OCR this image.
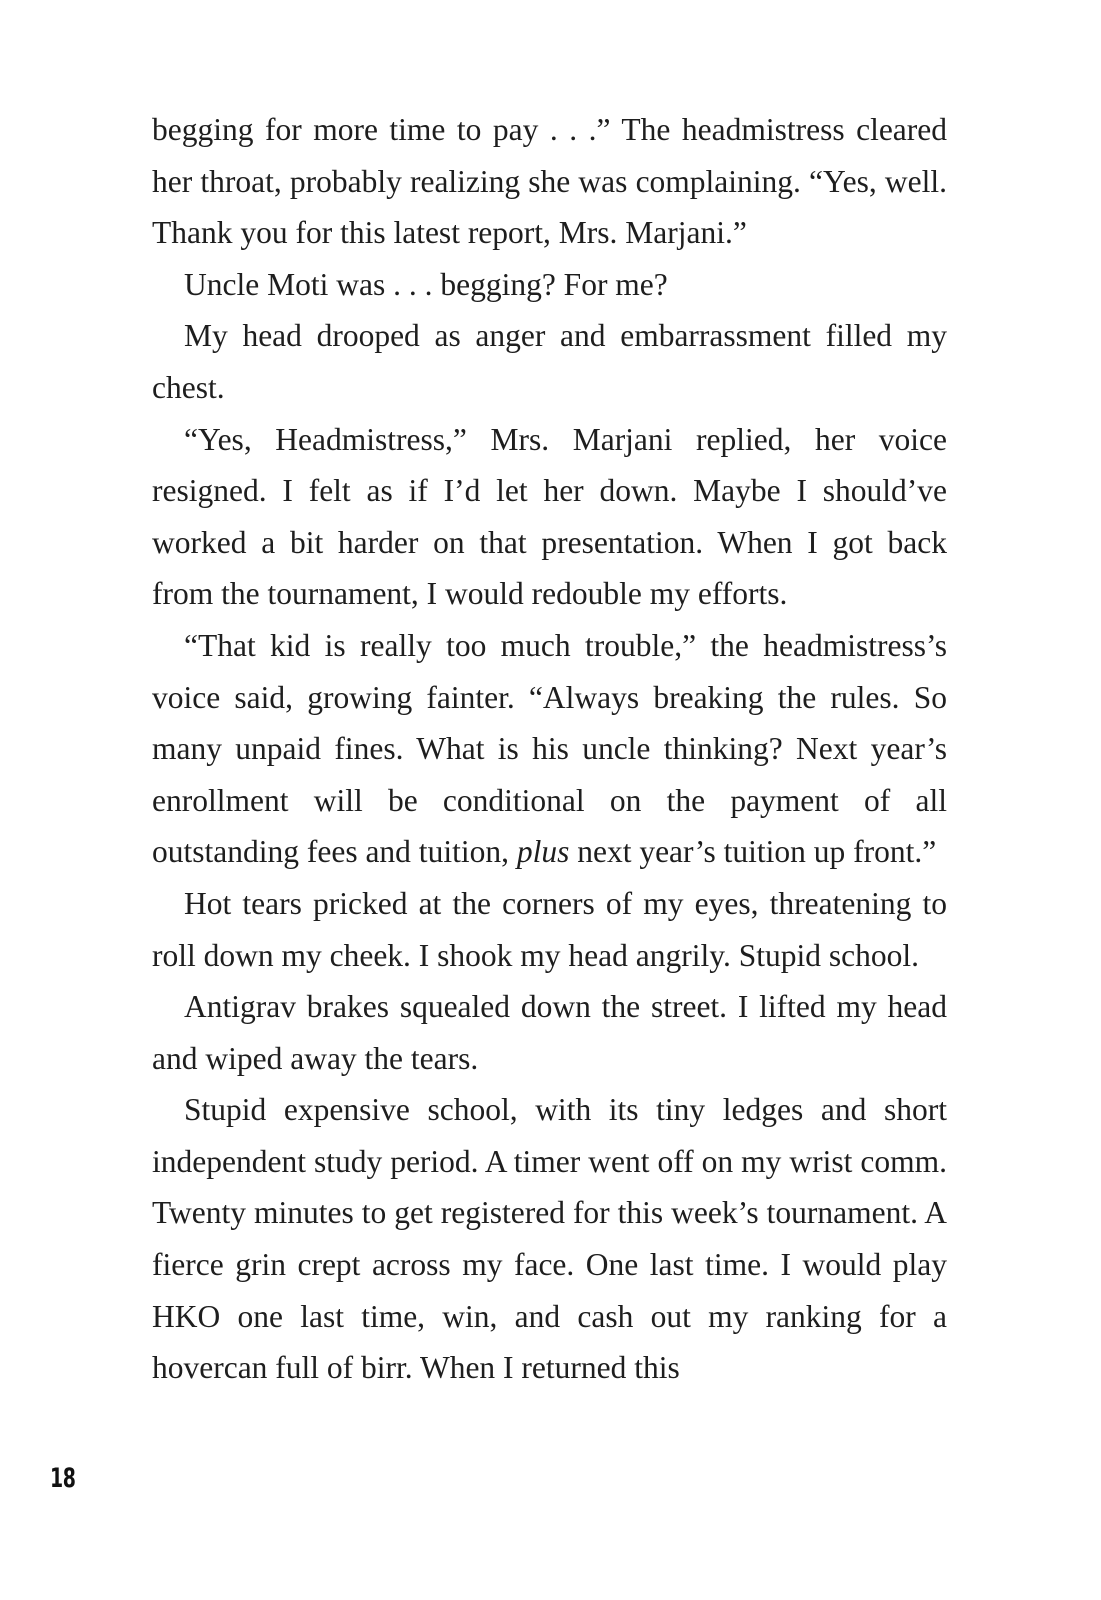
begging for more time to pay . . .” The headmistress cleared her throat, probably realizing she was complaining. “Yes, well. Thank you for this latest report, Mrs. Marjani.”

Uncle Moti was . . . begging? For me?

My head drooped as anger and embarrassment filled my chest.

“Yes, Headmistress,” Mrs. Marjani replied, her voice resigned. I felt as if I’d let her down. Maybe I should’ve worked a bit harder on that presentation. When I got back from the tournament, I would redouble my efforts.

“That kid is really too much trouble,” the headmistress’s voice said, growing fainter. “Always breaking the rules. So many unpaid fines. What is his uncle thinking? Next year’s enrollment will be conditional on the payment of all outstanding fees and tuition, plus next year’s tuition up front.”

Hot tears pricked at the corners of my eyes, threatening to roll down my cheek. I shook my head angrily. Stupid school.

Antigrav brakes squealed down the street. I lifted my head and wiped away the tears.

Stupid expensive school, with its tiny ledges and short independent study period. A timer went off on my wrist comm. Twenty minutes to get registered for this week’s tournament. A fierce grin crept across my face. One last time. I would play HKO one last time, win, and cash out my ranking for a hovercan full of birr. When I returned this

18
